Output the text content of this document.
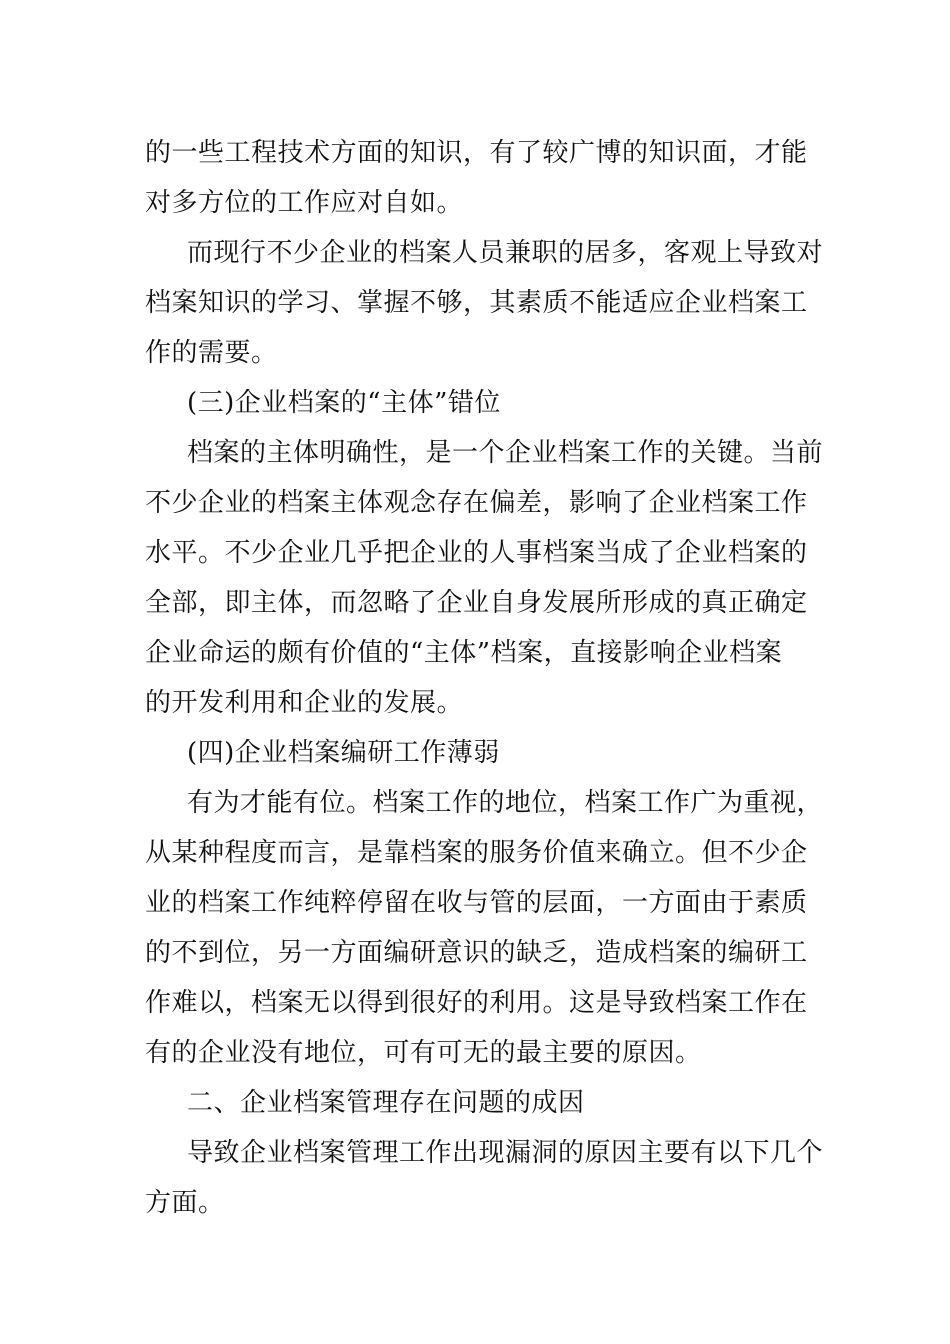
的一些工程技术方面的知识，有了较广博的知识面，才能
对多方位的工作应对自如。
而现行不少企业的档案人员兼职的居多，客观上导致对
档案知识的学习、掌握不够，其素质不能适应企业档案工
作的需要。
(三)企业档案的“主体”错位
档案的主体明确性，是一个企业档案工作的关键。当前
不少企业的档案主体观念存在偏差，影响了企业档案工作
水平。不少企业几乎把企业的人事档案当成了企业档案的
全部，即主体，而忽略了企业自身发展所形成的真正确定
企业命运的颇有价值的“主体”档案，直接影响企业档案
的开发利用和企业的发展。
(四)企业档案编研工作薄弱
有为才能有位。档案工作的地位，档案工作广为重视，
从某种程度而言，是靠档案的服务价值来确立。但不少企
业的档案工作纯粹停留在收与管的层面，一方面由于素质
的不到位，另一方面编研意识的缺乏，造成档案的编研工
作难以，档案无以得到很好的利用。这是导致档案工作在
有的企业没有地位，可有可无的最主要的原因。
二、企业档案管理存在问题的成因
导致企业档案管理工作出现漏洞的原因主要有以下几个
方面。
